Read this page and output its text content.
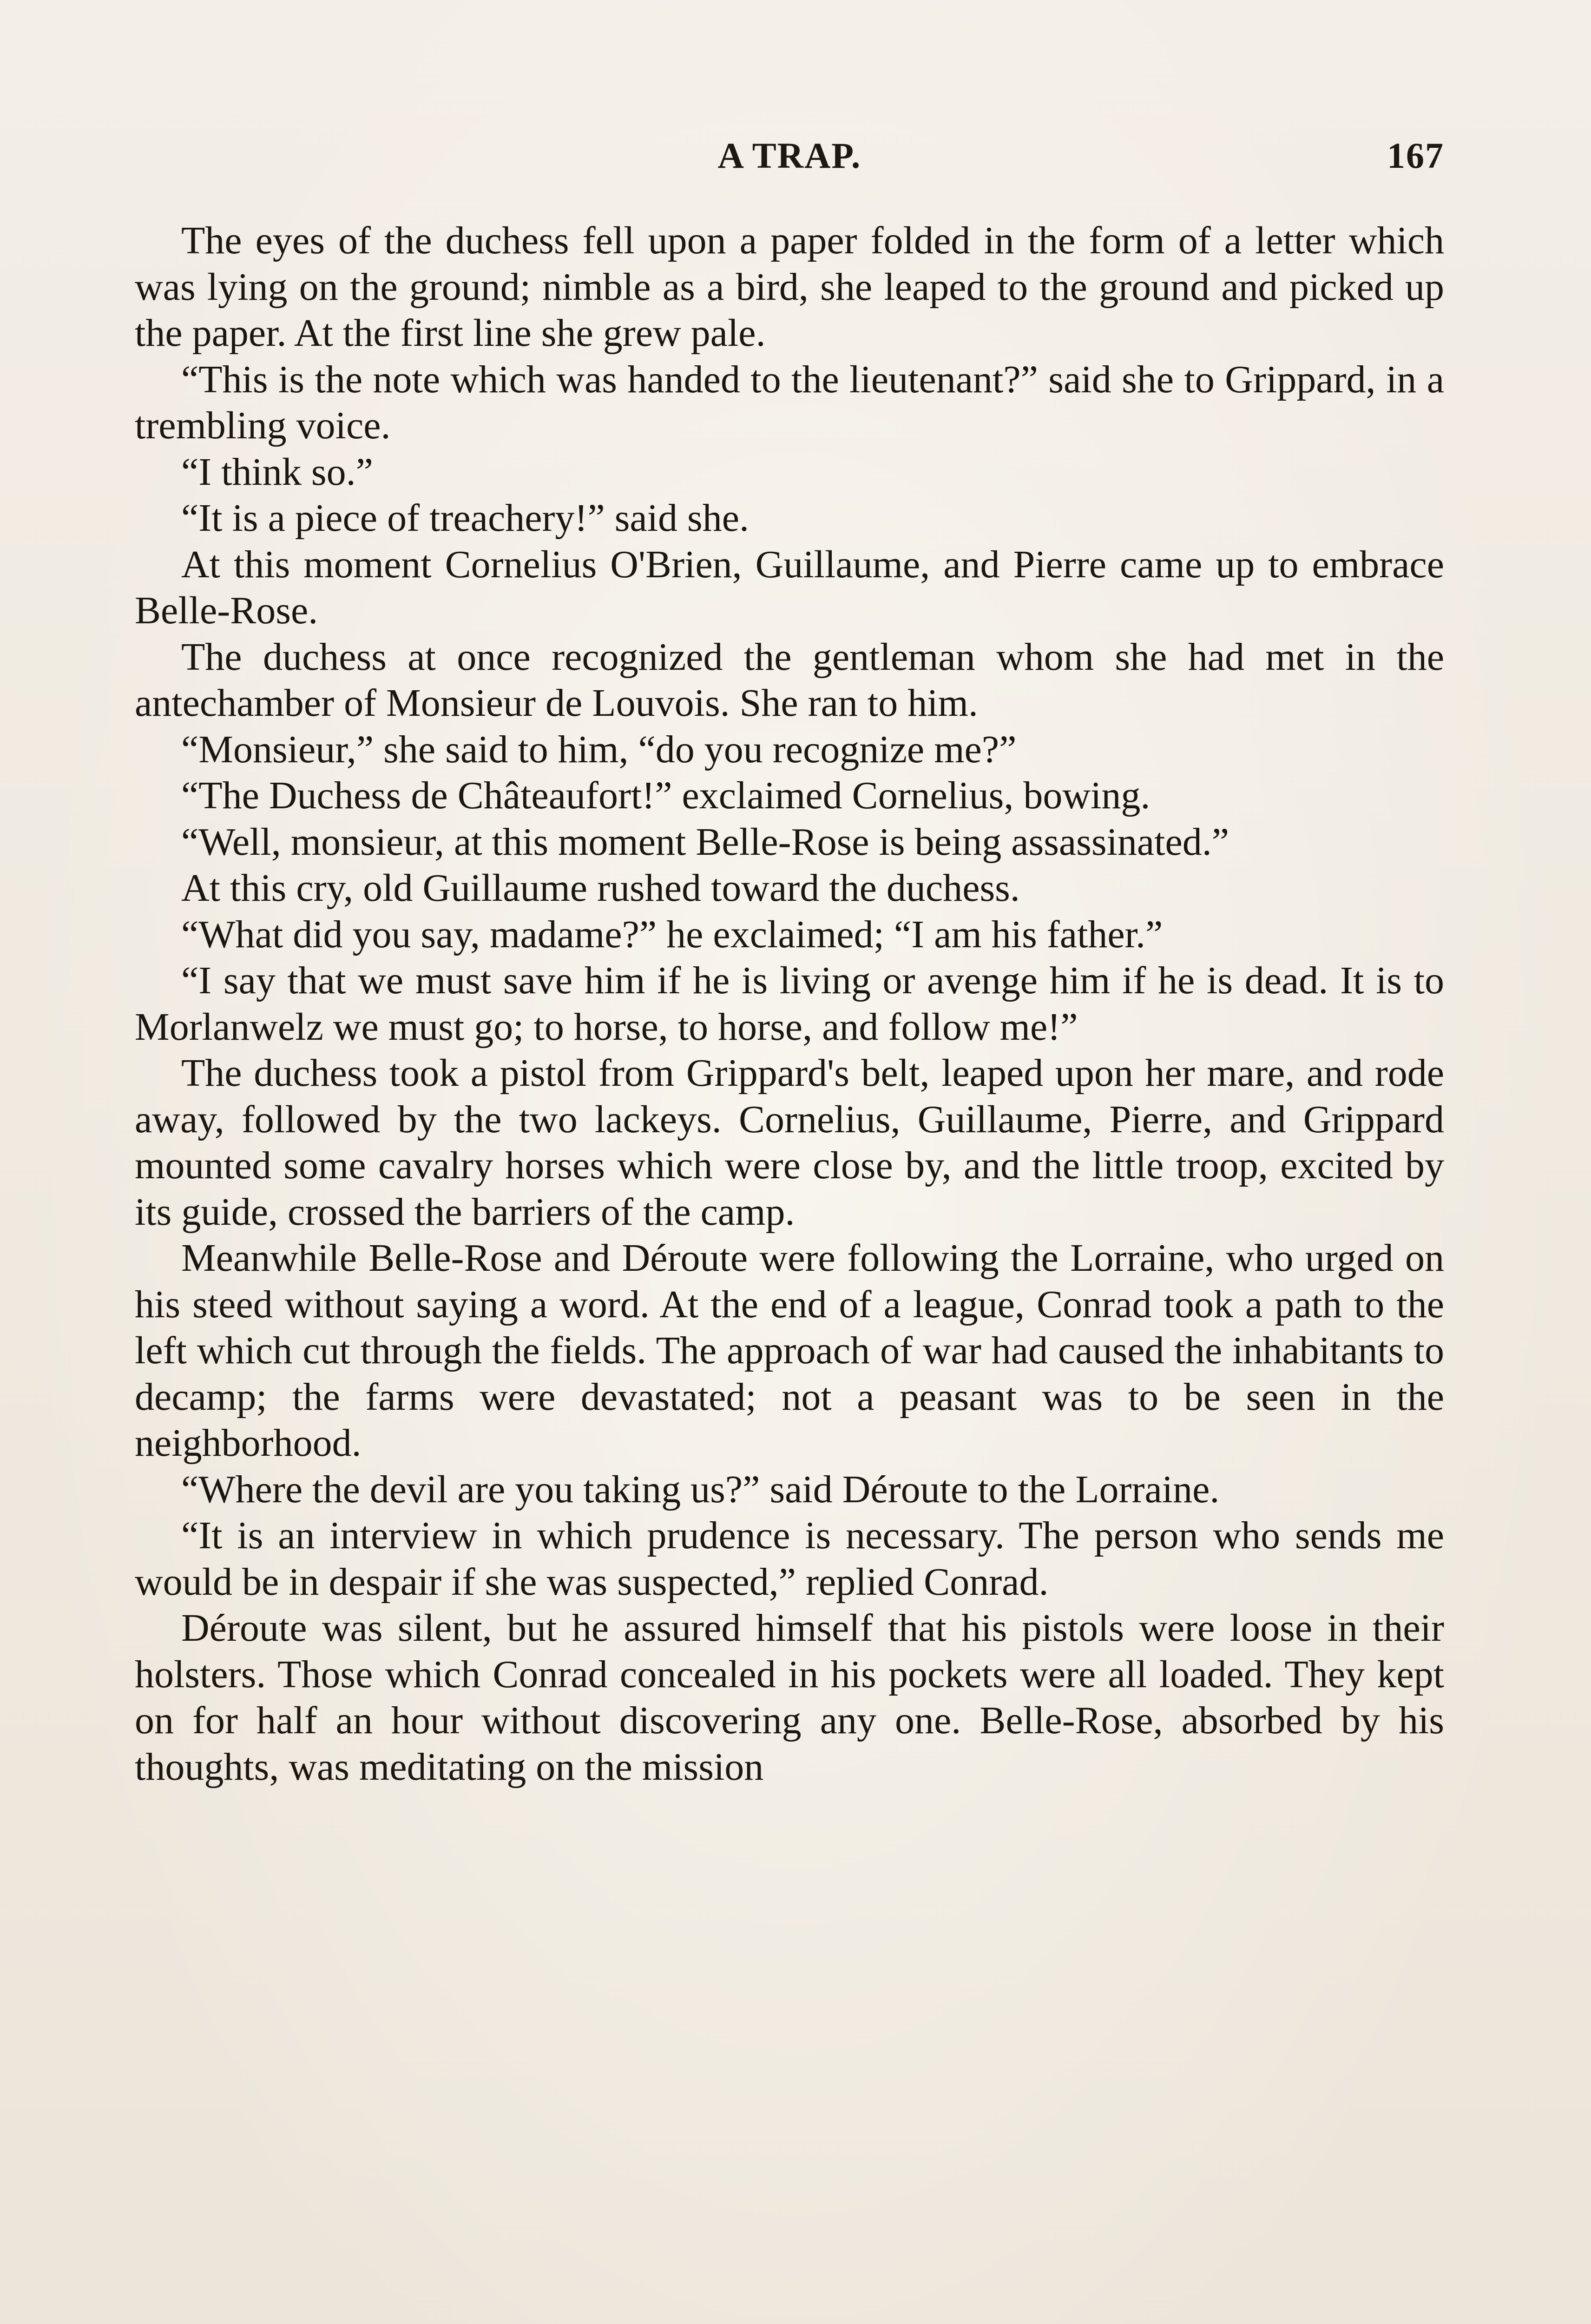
A TRAP.	167

The eyes of the duchess fell upon a paper folded in the form of a letter which was lying on the ground; nimble as a bird, she leaped to the ground and picked up the paper. At the first line she grew pale.

“This is the note which was handed to the lieutenant?” said she to Grippard, in a trembling voice.

“I think so.”

“It is a piece of treachery!” said she.

At this moment Cornelius O'Brien, Guillaume, and Pierre came up to embrace Belle-Rose.

The duchess at once recognized the gentleman whom she had met in the antechamber of Monsieur de Louvois. She ran to him.

“Monsieur,” she said to him, “do you recognize me?”

“The Duchess de Châteaufort!” exclaimed Cornelius, bowing.

“Well, monsieur, at this moment Belle-Rose is being assassinated.”

At this cry, old Guillaume rushed toward the duchess.

“What did you say, madame?” he exclaimed; “I am his father.”

“I say that we must save him if he is living or avenge him if he is dead. It is to Morlanwelz we must go; to horse, to horse, and follow me!”

The duchess took a pistol from Grippard's belt, leaped upon her mare, and rode away, followed by the two lackeys. Cornelius, Guillaume, Pierre, and Grippard mounted some cavalry horses which were close by, and the little troop, excited by its guide, crossed the barriers of the camp.

Meanwhile Belle-Rose and Déroute were following the Lorraine, who urged on his steed without saying a word. At the end of a league, Conrad took a path to the left which cut through the fields. The approach of war had caused the inhabitants to decamp; the farms were devastated; not a peasant was to be seen in the neighborhood.

“Where the devil are you taking us?” said Déroute to the Lorraine.

“It is an interview in which prudence is necessary. The person who sends me would be in despair if she was suspected,” replied Conrad.

Déroute was silent, but he assured himself that his pistols were loose in their holsters. Those which Conrad concealed in his pockets were all loaded. They kept on for half an hour without discovering any one. Belle-Rose, absorbed by his thoughts, was meditating on the mission
